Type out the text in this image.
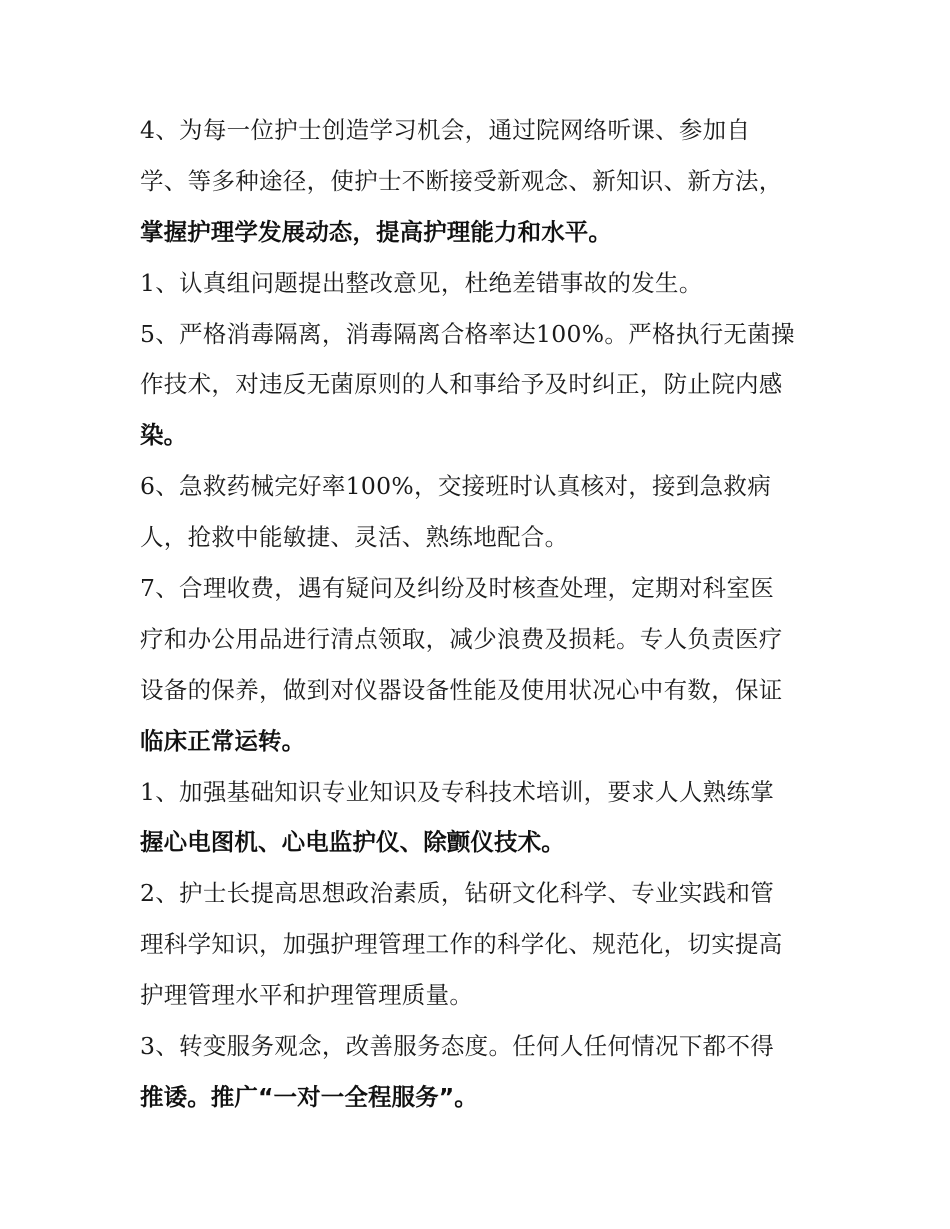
4、为每一位护士创造学习机会，通过院网络听课、参加自
学、等多种途径，使护士不断接受新观念、新知识、新方法，
掌握护理学发展动态，提高护理能力和水平。
1、认真组问题提出整改意见，杜绝差错事故的发生。
5、严格消毒隔离，消毒隔离合格率达100%。严格执行无菌操
作技术，对违反无菌原则的人和事给予及时纠正，防止院内感
染。
6、急救药械完好率100%，交接班时认真核对，接到急救病
人，抢救中能敏捷、灵活、熟练地配合。
7、合理收费，遇有疑问及纠纷及时核查处理，定期对科室医
疗和办公用品进行清点领取，减少浪费及损耗。专人负责医疗
设备的保养，做到对仪器设备性能及使用状况心中有数，保证
临床正常运转。
1、加强基础知识专业知识及专科技术培训，要求人人熟练掌
握心电图机、心电监护仪、除颤仪技术。
2、护士长提高思想政治素质，钻研文化科学、专业实践和管
理科学知识，加强护理管理工作的科学化、规范化，切实提高
护理管理水平和护理管理质量。
3、转变服务观念，改善服务态度。任何人任何情况下都不得
推诿。推广“一对一全程服务”。
